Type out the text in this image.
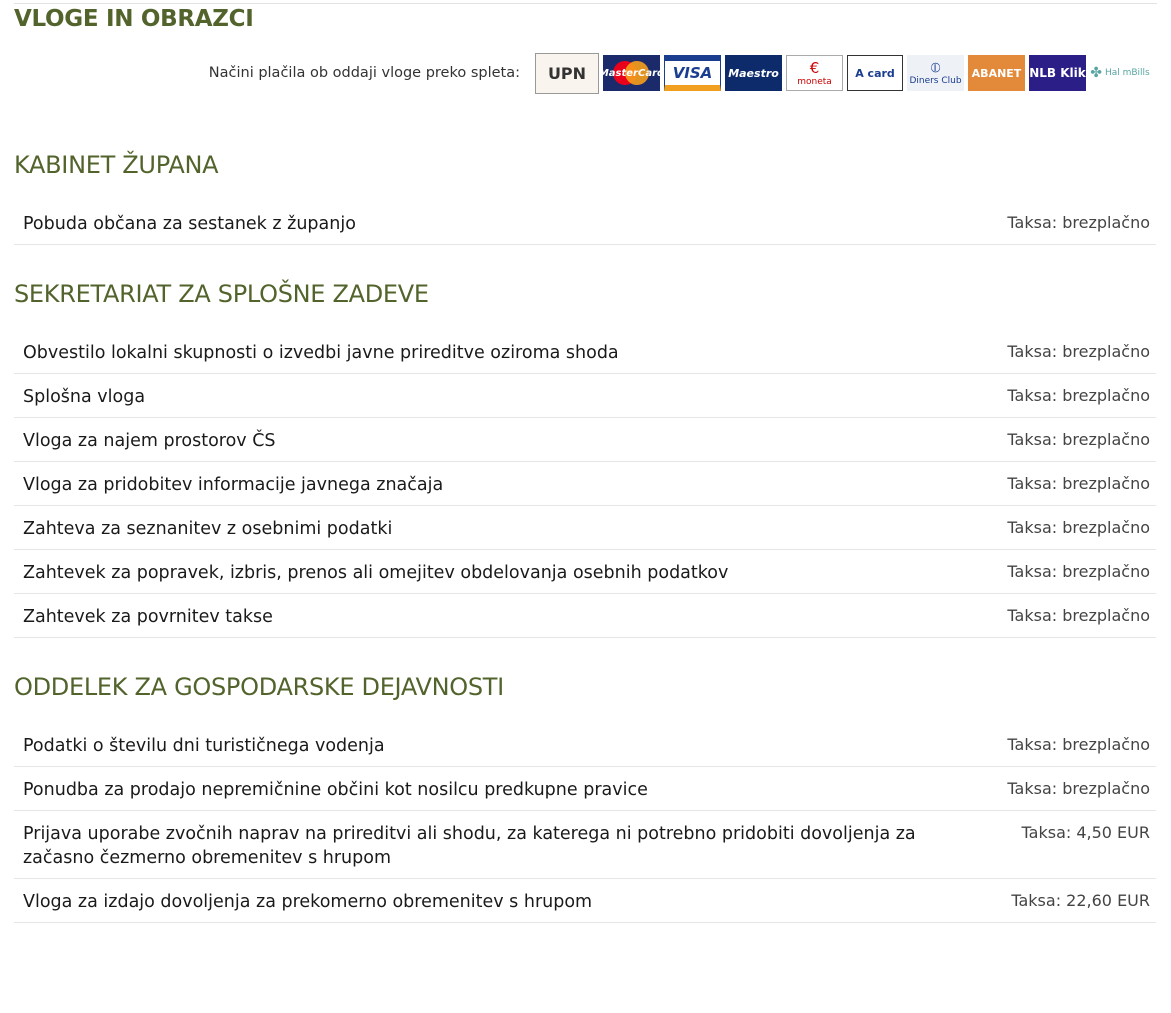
VLOGE IN OBRAZCI
Načini plačila ob oddaji vloge preko spleta: UPN MasterCard VISA Maestro €
moneta
A card	⦶
Diners Club
ABANET NLB Klik ✤ Hal mBills
KABINET ŽUPANA
Pobuda občana za sestanek z županjo	Taksa: brezplačno
SEKRETARIAT ZA SPLOŠNE ZADEVE
Obvestilo lokalni skupnosti o izvedbi javne prireditve oziroma shoda	Taksa: brezplačno
Splošna vloga	Taksa: brezplačno
Vloga za najem prostorov ČS	Taksa: brezplačno
Vloga za pridobitev informacije javnega značaja	Taksa: brezplačno
Zahteva za seznanitev z osebnimi podatki	Taksa: brezplačno
Zahtevek za popravek, izbris, prenos ali omejitev obdelovanja osebnih podatkov	Taksa: brezplačno
Zahtevek za povrnitev takse	Taksa: brezplačno
ODDELEK ZA GOSPODARSKE DEJAVNOSTI
Podatki o številu dni turističnega vodenja	Taksa: brezplačno
Ponudba za prodajo nepremičnine občini kot nosilcu predkupne pravice	Taksa: brezplačno
Prijava uporabe zvočnih naprav na prireditvi ali shodu, za katerega ni potrebno pridobiti dovoljenja za začasno čezmerno obremenitev s hrupom
Taksa: 4,50 EUR
Vloga za izdajo dovoljenja za prekomerno obremenitev s hrupom	Taksa: 22,60 EUR
